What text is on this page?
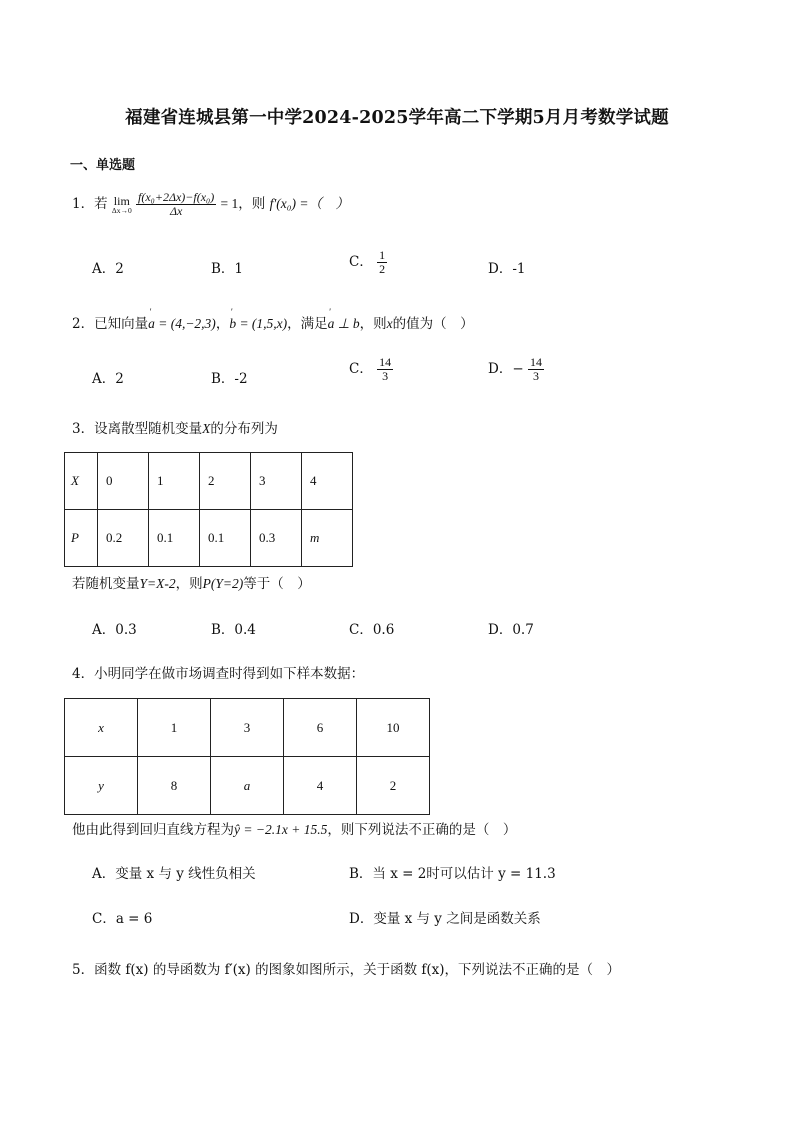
福建省连城县第一中学2024-2025学年高二下学期5月月考数学试题
一、单选题
1．若 lim
Δx→0
$\frac{\text{f(x₀+2Δx)−f(x₀)}}{\Delta x} = 1$，则 f′(x₀) =（　）
A．2	B．1	C． $\frac{1}{2}$	D．-1
2．已知向量' a = (4,−2,3)，' b = (1,5,x)，满足' a ⊥ b，则x的值为（　）
A．2	B．-2
C． $\frac{14}{3}$	D．− $\frac{14}{3}$
3．设离散型随机变量X的分布列为
X	0	1	2	3	4
P	0.2	0.1	0.1	0.3	m
若随机变量Y=X-2，则P(Y=2)等于（　）
A．0.3	B．0.4	C．0.6	D．0.7
4．小明同学在做市场调查时得到如下样本数据：
x	1	3	6	10
y	8	a	4	2
他由此得到回归直线方程为ŷ = −2.1x + 15.5，则下列说法不正确的是（　）
A．变量 x 与 y 线性负相关	B．当 x = 2时可以估计 y = 11.3
C．a = 6	D．变量 x 与 y 之间是函数关系
5．函数 f(x) 的导函数为 f′(x) 的图象如图所示，关于函数 f(x)，下列说法不正确的是（　）
